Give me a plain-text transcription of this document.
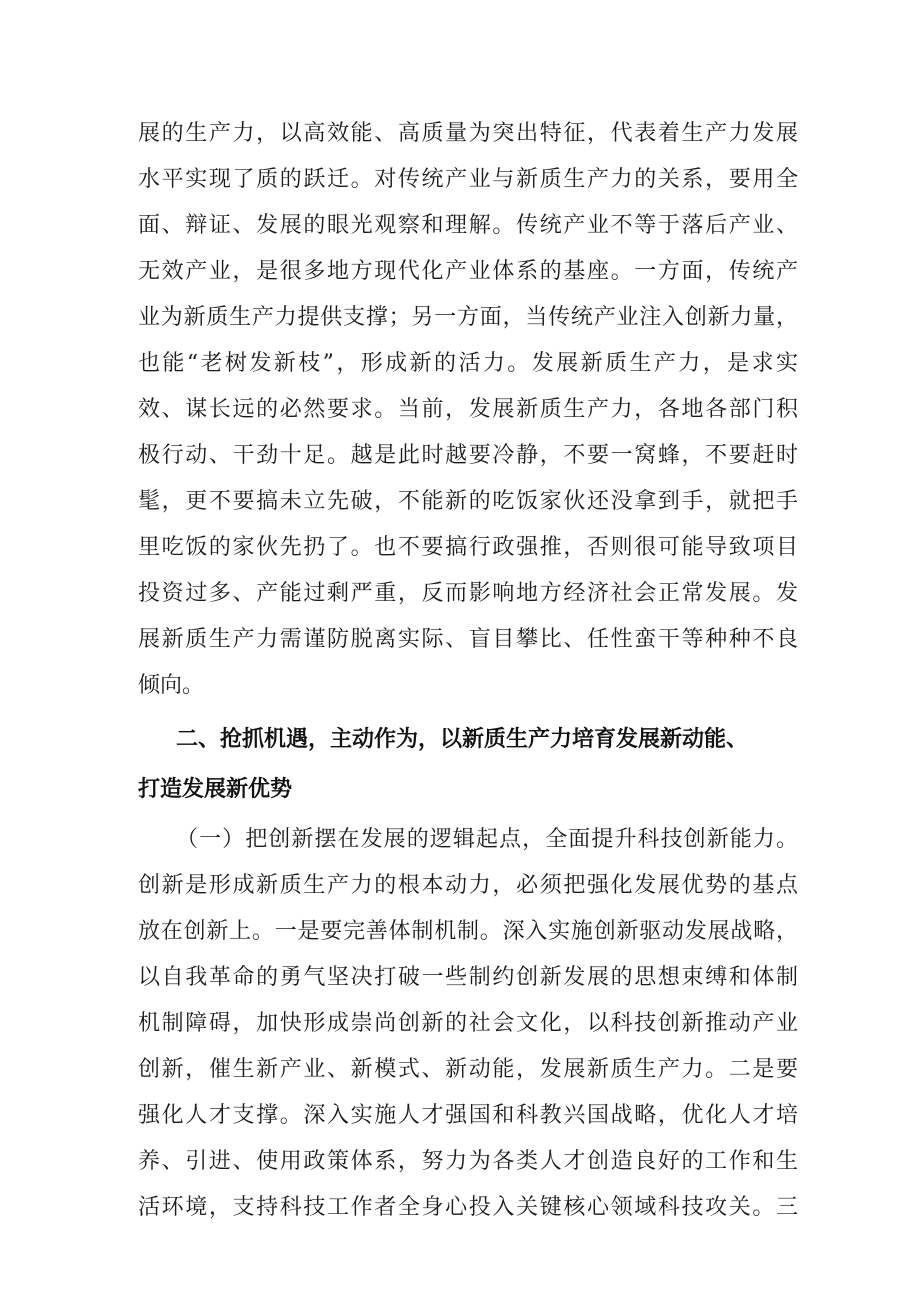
展的生产力，以高效能、高质量为突出特征，代表着生产力发展
水平实现了质的跃迁。对传统产业与新质生产力的关系，要用全
面、辩证、发展的眼光观察和理解。传统产业不等于落后产业、
无效产业，是很多地方现代化产业体系的基座。一方面，传统产
业为新质生产力提供支撑；另一方面，当传统产业注入创新力量，
也能“老树发新枝”，形成新的活力。发展新质生产力，是求实
效、谋长远的必然要求。当前，发展新质生产力，各地各部门积
极行动、干劲十足。越是此时越要冷静，不要一窝蜂，不要赶时
髦，更不要搞未立先破，不能新的吃饭家伙还没拿到手，就把手
里吃饭的家伙先扔了。也不要搞行政强推，否则很可能导致项目
投资过多、产能过剩严重，反而影响地方经济社会正常发展。发
展新质生产力需谨防脱离实际、盲目攀比、任性蛮干等种种不良
倾向。
二、抢抓机遇，主动作为，以新质生产力培育发展新动能、
打造发展新优势
（一）把创新摆在发展的逻辑起点，全面提升科技创新能力。
创新是形成新质生产力的根本动力，必须把强化发展优势的基点
放在创新上。一是要完善体制机制。深入实施创新驱动发展战略，
以自我革命的勇气坚决打破一些制约创新发展的思想束缚和体制
机制障碍，加快形成崇尚创新的社会文化，以科技创新推动产业
创新，催生新产业、新模式、新动能，发展新质生产力。二是要
强化人才支撑。深入实施人才强国和科教兴国战略，优化人才培
养、引进、使用政策体系，努力为各类人才创造良好的工作和生
活环境，支持科技工作者全身心投入关键核心领域科技攻关。三
